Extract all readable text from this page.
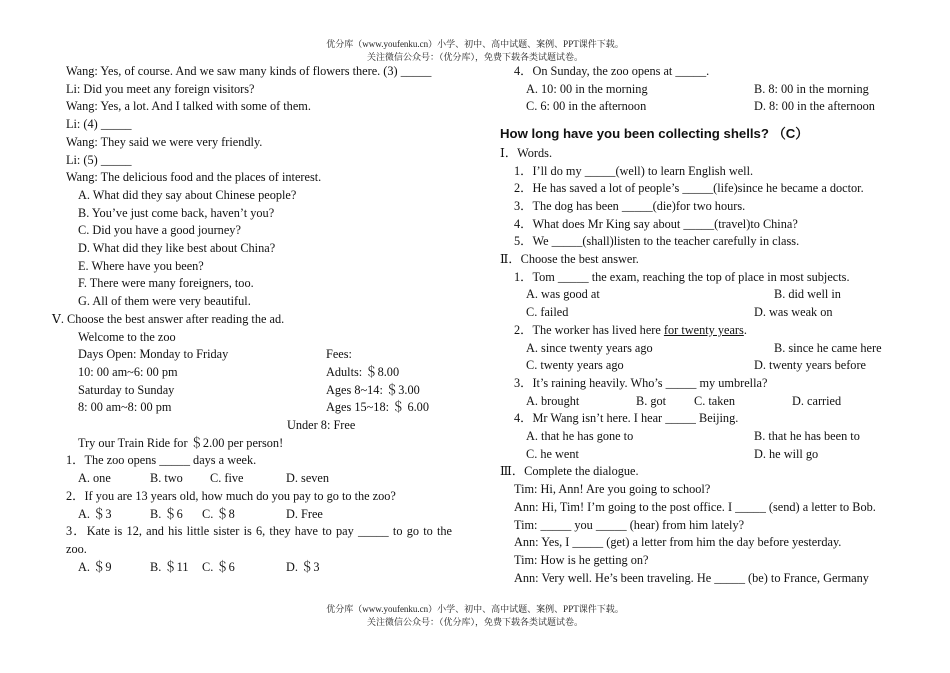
优分库（www.youfenku.cn）小学、初中、高中试题、案例、PPT课件下载。
关注微信公众号：（优分库），免费下载各类试题试卷。
Wang: Yes, of course. And we saw many kinds of flowers there. (3) _____
Li: Did you meet any foreign visitors?
Wang: Yes, a lot. And I talked with some of them.
Li: (4) _____
Wang: They said we were very friendly.
Li: (5) _____
Wang: The delicious food and the places of interest.
A. What did they say about Chinese people?
B. You’ve just come back, haven’t you?
C. Did you have a good journey?
D. What did they like best about China?
E. Where have you been?
F. There were many foreigners, too.
G. All of them were very beautiful.
Ⅴ. Choose the best answer after reading the ad.
Welcome to the zoo
Days Open: Monday to Friday	Fees:
10: 00 am~6: 00 pm	Adults: ＄8.00
Saturday to Sunday	Ages 8~14: ＄3.00
8: 00 am~8: 00 pm	Ages 15~18: ＄ 6.00
Under 8: Free
Try our Train Ride for ＄2.00 per person!
1．The zoo opens _____ days a week.
A. one	B. two	C. five	D. seven
2．If you are 13 years old, how much do you pay to go to the zoo?
A. ＄3	B. ＄6	C. ＄8	D. Free
3．Kate is 12, and his little sister is 6, they have to pay _____ to go to the zoo.
A. ＄9	B. ＄11	C. ＄6	D. ＄3
4．On Sunday, the zoo opens at _____.
A. 10: 00 in the morning	B. 8: 00 in the morning
C. 6: 00 in the afternoon	D. 8: 00 in the afternoon
How long have you been collecting shells? （C）
Ⅰ．Words.
1．I’ll do my _____(well) to learn English well.
2．He has saved a lot of people’s _____(life)since he became a doctor.
3．The dog has been _____(die)for two hours.
4．What does Mr King say about _____(travel)to China?
5．We _____(shall)listen to the teacher carefully in class.
Ⅱ．Choose the best answer.
1．Tom _____ the exam, reaching the top of place in most subjects.
A. was good at	B. did well in
C. failed	D. was weak on
2．The worker has lived here for twenty years.
A. since twenty years ago	B. since he came here
C. twenty years ago	D. twenty years before
3．It’s raining heavily. Who’s _____ my umbrella?
A. brought	B. got	C. taken	D. carried
4．Mr Wang isn’t here. I hear _____ Beijing.
A. that he has gone to	B. that he has been to
C. he went	D. he will go
Ⅲ．Complete the dialogue.
Tim: Hi, Ann! Are you going to school?
Ann: Hi, Tim! I’m going to the post office. I _____ (send) a letter to Bob.
Tim: _____ you _____ (hear) from him lately?
Ann: Yes, I _____ (get) a letter from him the day before yesterday.
Tim: How is he getting on?
Ann: Very well. He’s been traveling. He _____ (be) to France, Germany
优分库（www.youfenku.cn）小学、初中、高中试题、案例、PPT课件下载。
关注微信公众号：（优分库），免费下载各类试题试卷。
